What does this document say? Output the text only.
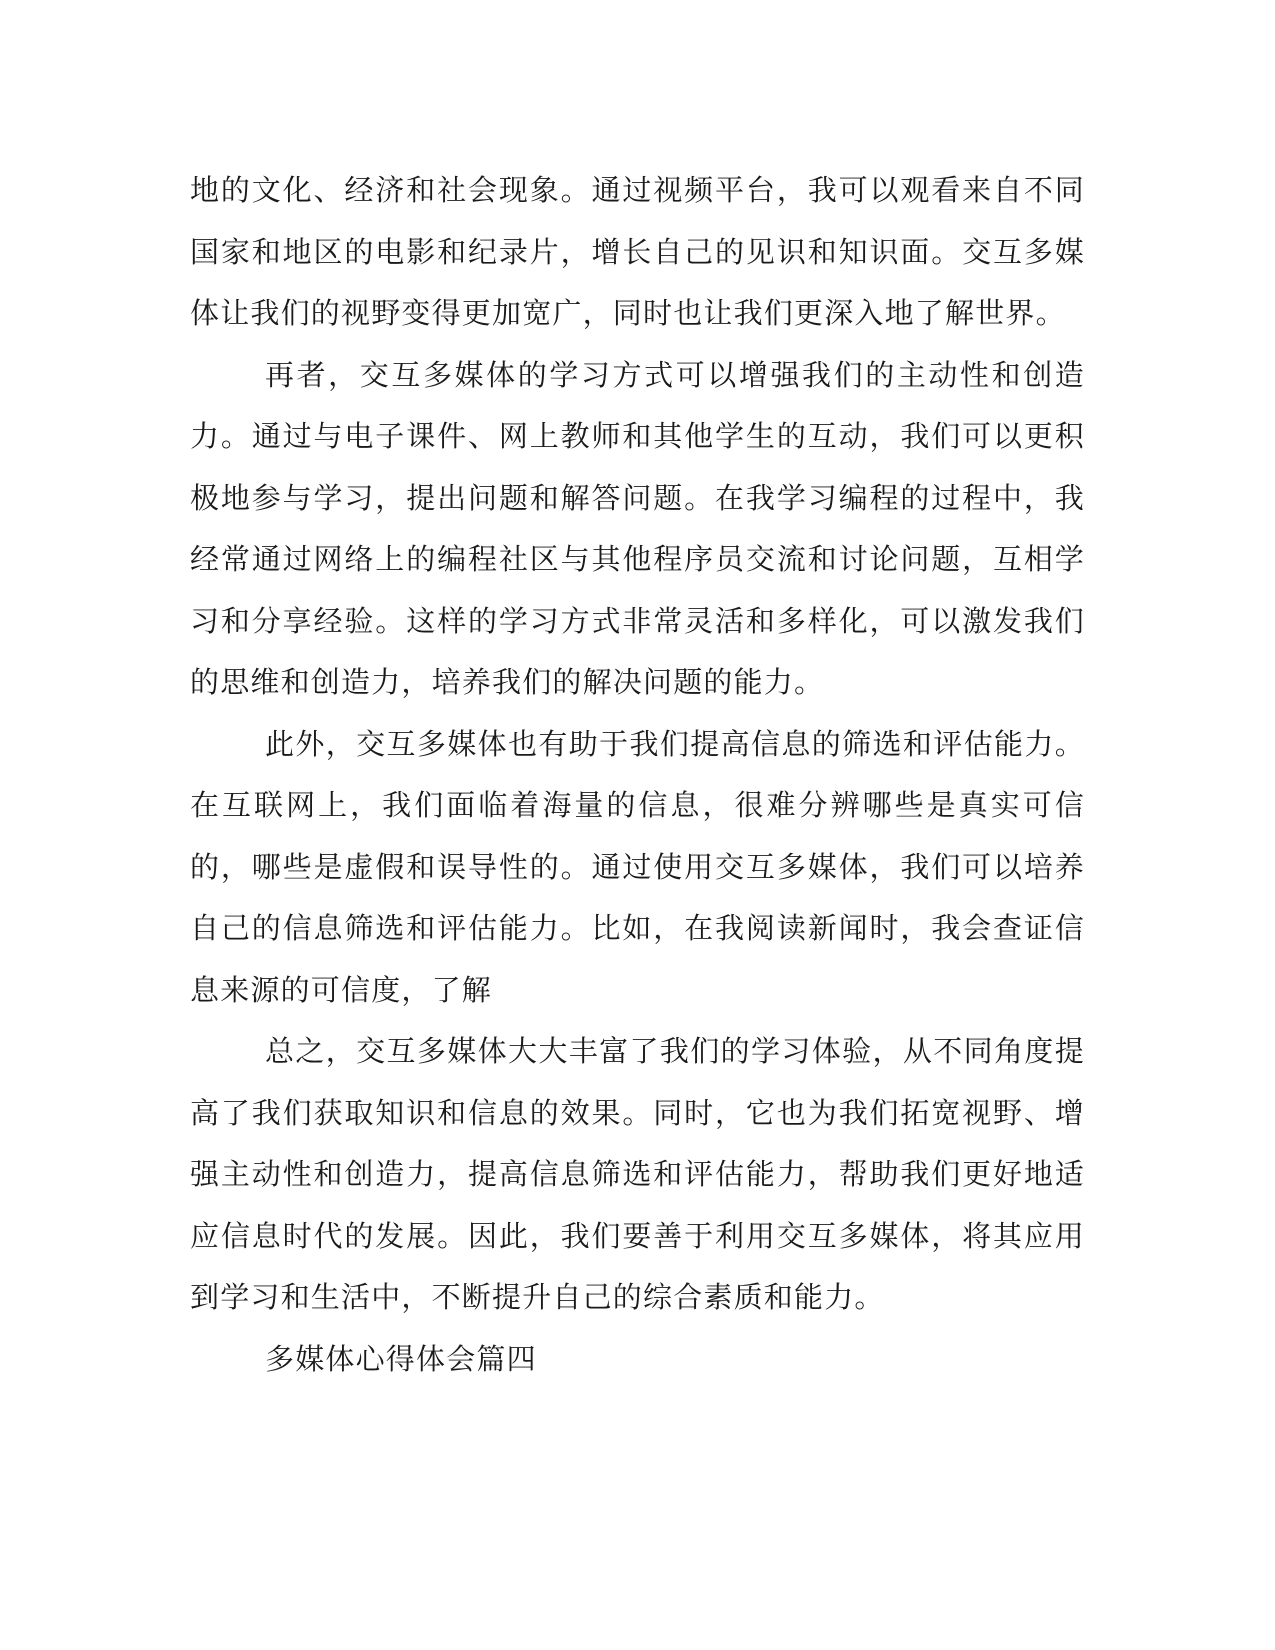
地的文化、经济和社会现象。通过视频平台，我可以观看来自不同国家和地区的电影和纪录片，增长自己的见识和知识面。交互多媒体让我们的视野变得更加宽广，同时也让我们更深入地了解世界。

再者，交互多媒体的学习方式可以增强我们的主动性和创造力。通过与电子课件、网上教师和其他学生的互动，我们可以更积极地参与学习，提出问题和解答问题。在我学习编程的过程中，我经常通过网络上的编程社区与其他程序员交流和讨论问题，互相学习和分享经验。这样的学习方式非常灵活和多样化，可以激发我们的思维和创造力，培养我们的解决问题的能力。

此外，交互多媒体也有助于我们提高信息的筛选和评估能力。在互联网上，我们面临着海量的信息，很难分辨哪些是真实可信的，哪些是虚假和误导性的。通过使用交互多媒体，我们可以培养自己的信息筛选和评估能力。比如，在我阅读新闻时，我会查证信息来源的可信度，了解

总之，交互多媒体大大丰富了我们的学习体验，从不同角度提高了我们获取知识和信息的效果。同时，它也为我们拓宽视野、增强主动性和创造力，提高信息筛选和评估能力，帮助我们更好地适应信息时代的发展。因此，我们要善于利用交互多媒体，将其应用到学习和生活中，不断提升自己的综合素质和能力。

多媒体心得体会篇四
